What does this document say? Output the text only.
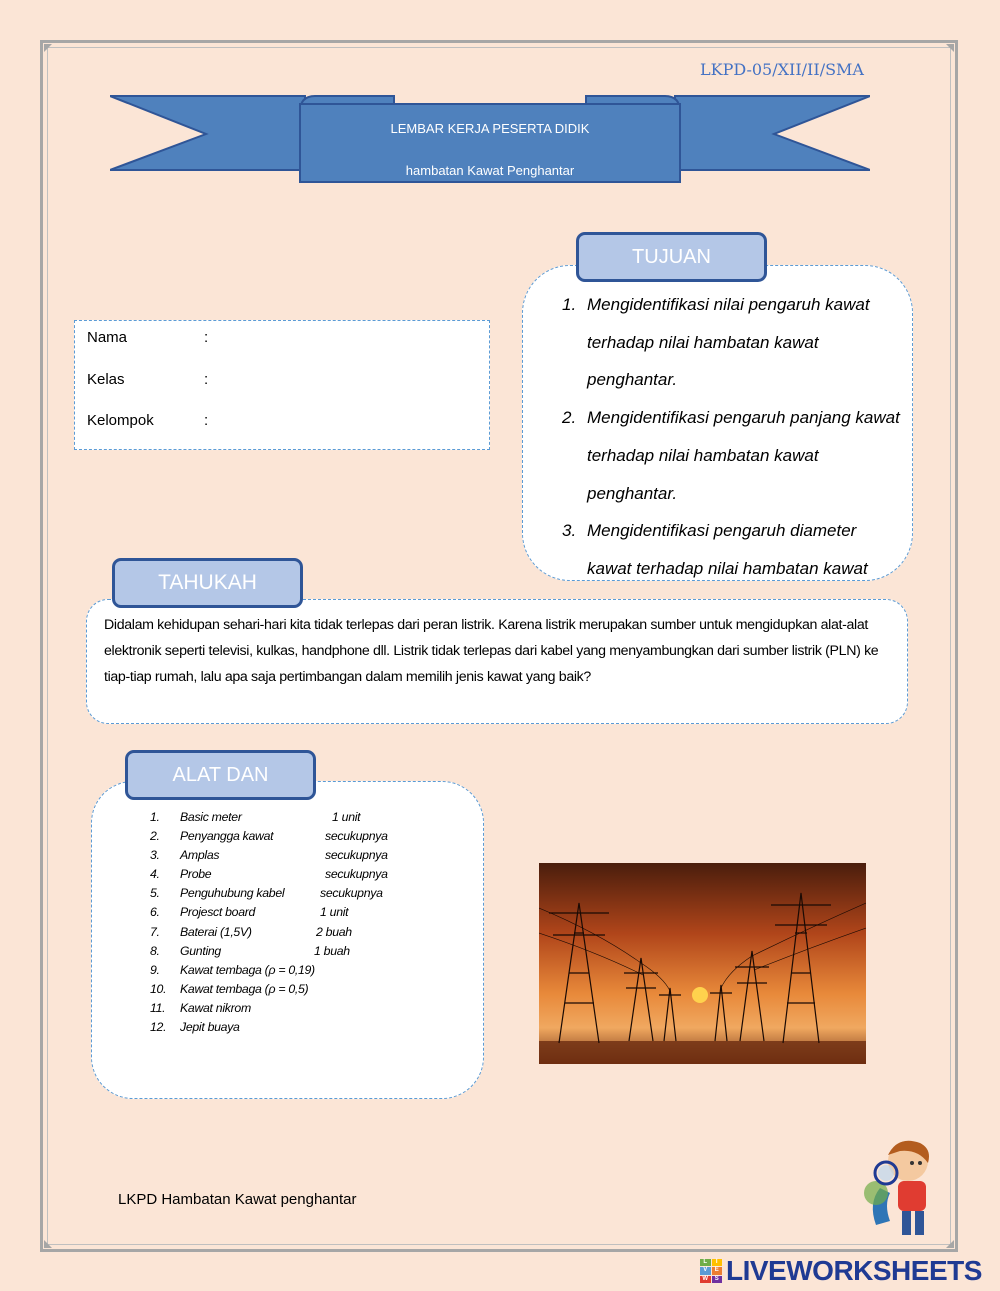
LKPD-05/XII/II/SMA
LEMBAR KERJA PESERTA DIDIK
hambatan Kawat Penghantar
Nama	:
Kelas	:
Kelompok	:
TUJUAN
1. Mengidentifikasi nilai pengaruh kawat terhadap nilai hambatan kawat penghantar.
2. Mengidentifikasi pengaruh panjang kawat terhadap nilai hambatan kawat penghantar.
3. Mengidentifikasi pengaruh diameter kawat terhadap nilai hambatan kawat
TAHUKAH
Didalam kehidupan sehari-hari kita tidak terlepas dari peran listrik. Karena listrik merupakan sumber untuk mengidupkan alat-alat elektronik seperti televisi, kulkas, handphone dll. Listrik tidak terlepas dari kabel yang menyambungkan dari sumber listrik (PLN) ke tiap-tiap rumah, lalu apa saja pertimbangan dalam memilih jenis kawat yang baik?
ALAT DAN
1. Basic meter	1 unit
2. Penyangga kawat	secukupnya
3. Amplas	secukupnya
4. Probe	secukupnya
5. Penguhubung kabel	secukupnya
6. Projesct board	1 unit
7. Baterai (1,5V)	2 buah
8. Gunting	1 buah
9. Kawat tembaga (ρ = 0,19)
10. Kawat tembaga (ρ = 0,5)
11. Kawat nikrom
12. Jepit buaya
LKPD Hambatan Kawat penghantar
L	I
V	E
W	S LIVEWORKSHEETS
